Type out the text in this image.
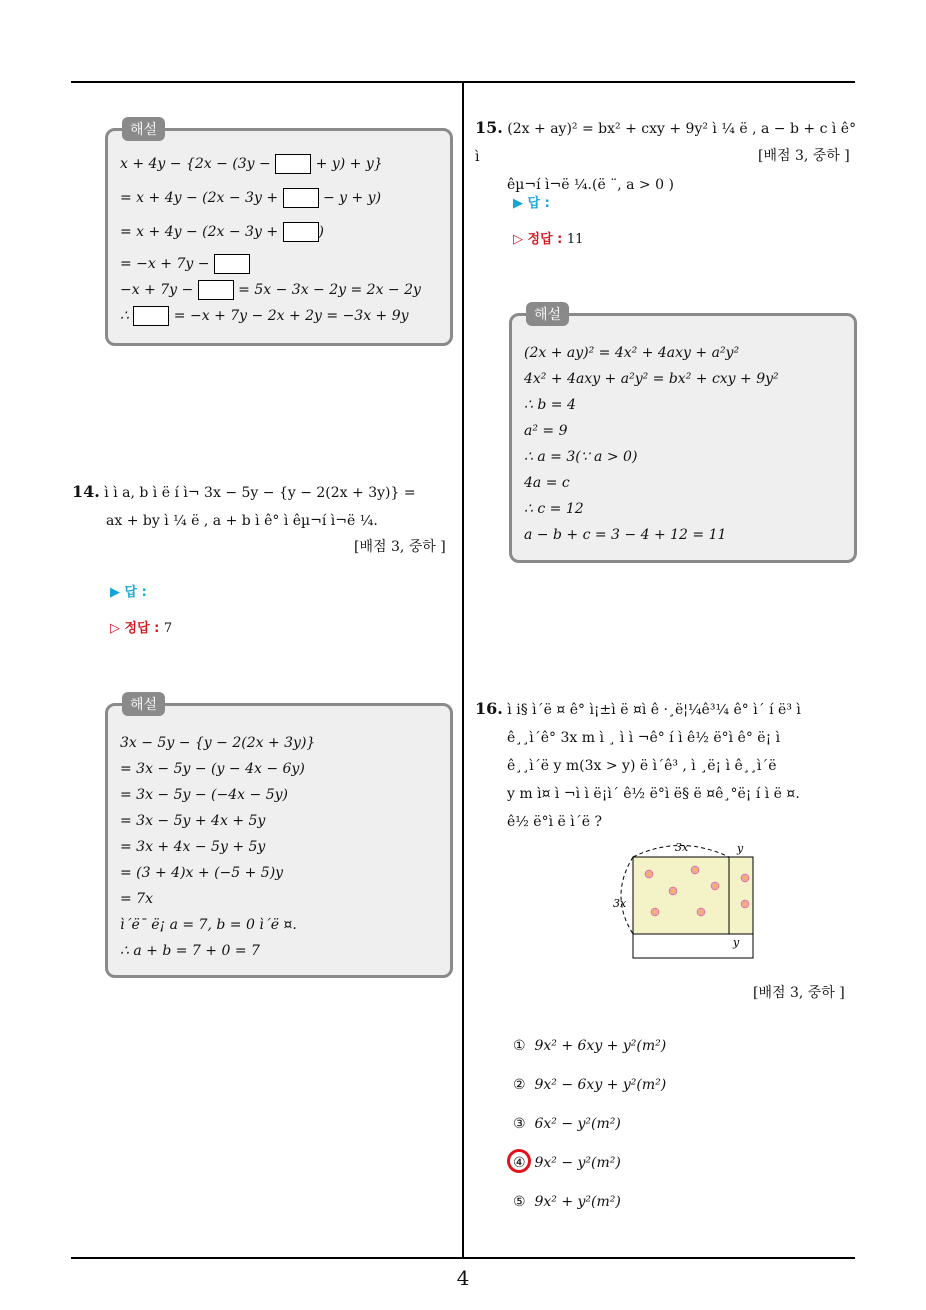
해설
x + 4y − {2x − (3y −	+ y) + y}
= x + 4y − (2x − 3y +	− y + y)
= x + 4y − (2x − 3y +	)
= −x + 7y −
−x + 7y −	= 5x − 3x − 2y = 2x − 2y
∴	= −x + 7y − 2x + 2y = −3x + 9y
14. ì ì a, b ì ë í ì¬ 3x − 5y − {y − 2(2x + 3y)} =
ax + by ì ¼ ë , a + b ì ê° ì êµ¬í ì¬ë ¼.
[배점 3, 중하 ]
▶ 답 :
▷ 정답 : 7
해설
3x − 5y − {y − 2(2x + 3y)}
= 3x − 5y − (y − 4x − 6y)
= 3x − 5y − (−4x − 5y)
= 3x − 5y + 4x + 5y
= 3x + 4x − 5y + 5y
= (3 + 4)x + (−5 + 5)y
= 7x
ì´ë¯ ë¡ a = 7, b = 0 ì´ë ¤.
∴ a + b = 7 + 0 = 7
15. (2x + ay)² = bx² + cxy + 9y² ì ¼ ë , a − b + c ì ê° ì
êµ¬í ì¬ë ¼.(ë ¨, a > 0 )
[배점 3, 중하 ]
▶ 답 :
▷ 정답 : 11
해설
(2x + ay)² = 4x² + 4axy + a²y²
4x² + 4axy + a²y² = bx² + cxy + 9y²
∴ b = 4
a² = 9
∴ a = 3(∵ a > 0)
4a = c
∴ c = 12
a − b + c = 3 − 4 + 12 = 11
16. ì i§ ì´ë ¤ ê° ì¡±ì ë ¤ì ê ·¸ë¦¼ê³¼ ê° ì´ í ë³ ì
ê¸¸ì´ê° 3x m ì ¸ ì ì ¬ê° í ì ê½ ë°ì ê° ë¡ ì
ê¸¸ì´ë y m(3x > y) ë ì´ê³ , ì ¸ë¡ ì ê¸¸ì´ë
y m ì¤ ì ¬ì ì ë¡ì´ ê½ ë°ì ë§ ë ¤ê¸°ë¡ í ì ë ¤.
ê½ ë°ì ë ì´ë ?
3x
3x
y
y
[배점 3, 중하 ]
① 9x² + 6xy + y²(m²)
② 9x² − 6xy + y²(m²)
③ 6x² − y²(m²)
④ 9x² − y²(m²)
⑤ 9x² + y²(m²)
4
